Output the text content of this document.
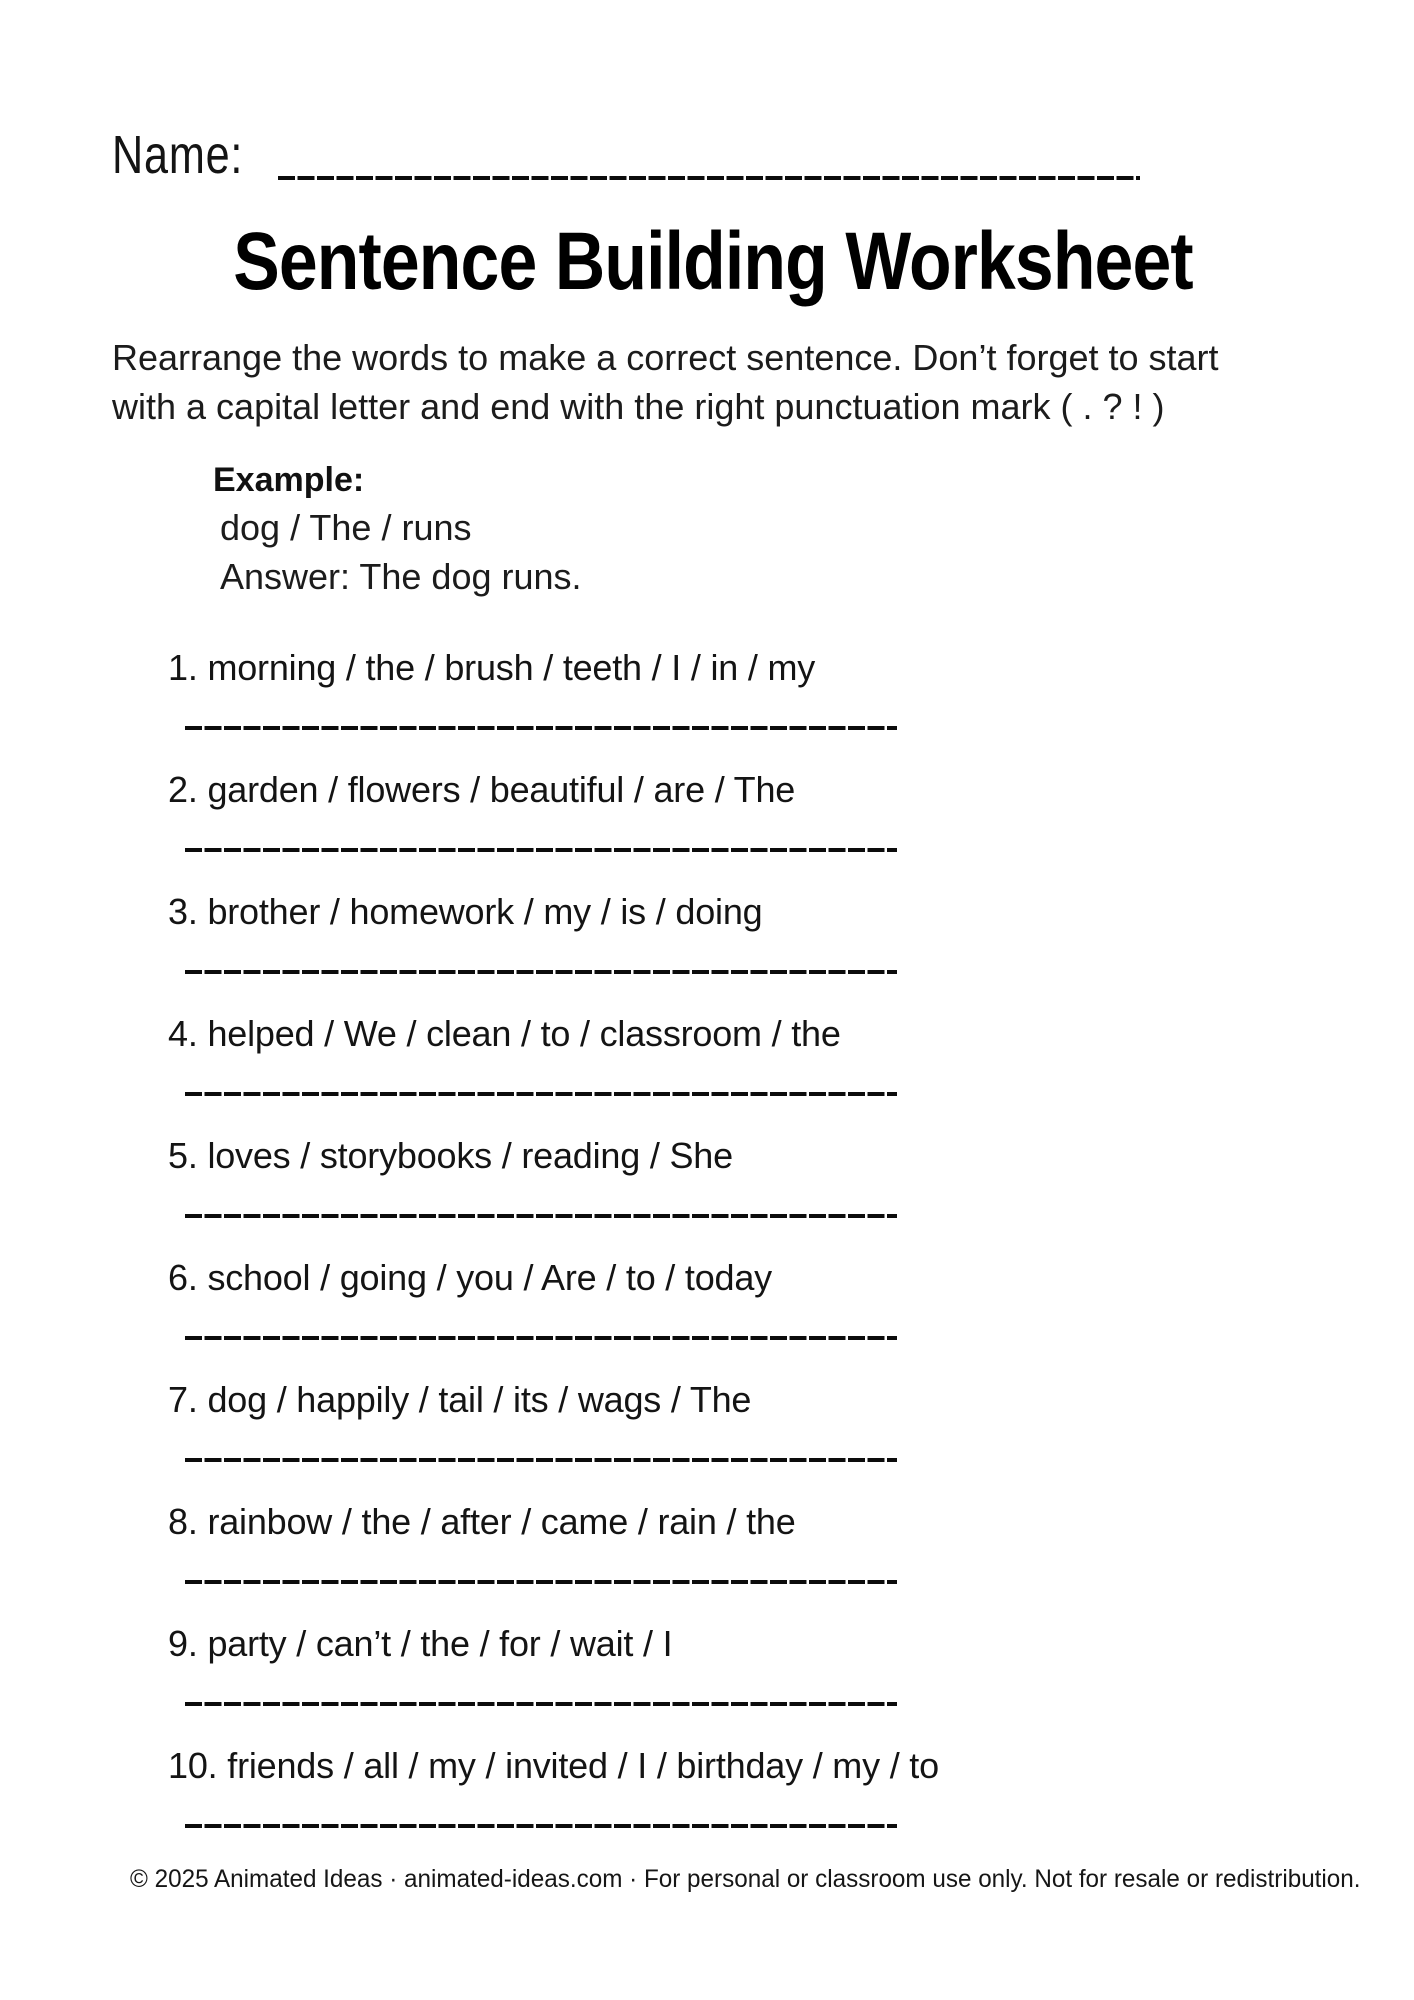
Name:
Sentence Building Worksheet
Rearrange the words to make a correct sentence. Don’t forget to start
with a capital letter and end with the right punctuation mark ( . ? ! )
Example:
dog / The / runs
Answer: The dog runs.
1. morning / the / brush / teeth / I / in / my
2. garden / flowers / beautiful / are / The
3. brother / homework / my / is / doing
4. helped / We / clean / to / classroom / the
5. loves / storybooks / reading / She
6. school / going / you / Are / to / today
7. dog / happily / tail / its / wags / The
8. rainbow / the / after / came / rain / the
9. party / can’t / the / for / wait / I
10. friends / all / my / invited / I / birthday / my / to
© 2025 Animated Ideas · animated-ideas.com · For personal or classroom use only. Not for resale or redistribution.
